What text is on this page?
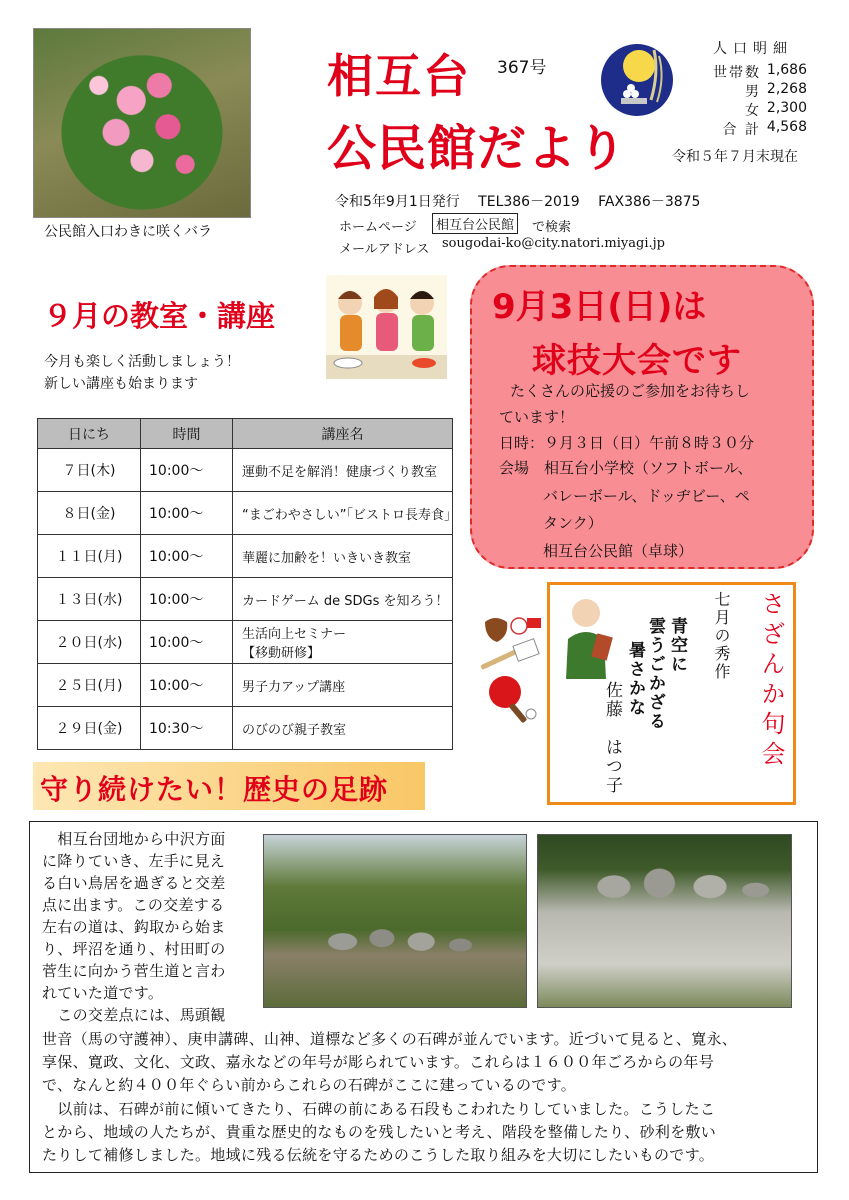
公民館入口わきに咲くバラ
相互台 367号
公民館だより
人口明細
世帯数 1,686
男 2,268
女 2,300
合 計 4,568
令和５年７月末現在
令和5年9月1日発行　 TEL386－2019　 FAX386－3875
ホームページ	相互台公民館	で検索
メールアドレス sougodai-ko@city.natori.miyagi.jp
９月の教室・講座
今月も楽しく活動しましょう！
新しい講座も始まります
日にち	時間	講座名
７日(木)	10:00～	運動不足を解消！健康づくり教室
８日(金)	10:00～	“まごわやさしい”「ビストロ長寿食」
１１日(月)	10:00～	華麗に加齢を！いきいき教室
１３日(水)	10:00～	カードゲーム de SDGs を知ろう！
２０日(水)	10:00～	生活向上セミナー
【移動研修】

２５日(月)	10:00～	男子力アップ講座
２９日(金)	10:30～	のびのび親子教室
9月3日(日)は
球技大会です
たくさんの応援のご参加をお待ちし
ています！
日時：９月３日（日）午前８時３０分
会場　相互台小学校（ソフトボール、
バレーボール、ドッヂビー、ペ
タンク）
相互台公民館（卓球）
七月の秀作
青空に
雲うごかざる
暑さかな
佐藤　はつ子	さざんか句会
守り続けたい！歴史の足跡
　相互台団地から中沢方面
に降りていき、左手に見え
る白い鳥居を過ぎると交差
点に出ます。この交差する
左右の道は、鈎取から始ま
り、坪沼を通り、村田町の
菅生に向かう菅生道と言わ
れていた道です。
　この交差点には、馬頭観
世音（馬の守護神）、庚申講碑、山神、道標など多くの石碑が並んでいます。近づいて見ると、寛永、
享保、寛政、文化、文政、嘉永などの年号が彫られています。これらは１６００年ごろからの年号
で、なんと約４００年ぐらい前からこれらの石碑がここに建っているのです。
　以前は、石碑が前に傾いてきたり、石碑の前にある石段もこわれたりしていました。こうしたこ
とから、地域の人たちが、貴重な歴史的なものを残したいと考え、階段を整備したり、砂利を敷い
たりして補修しました。地域に残る伝統を守るためのこうした取り組みを大切にしたいものです。
